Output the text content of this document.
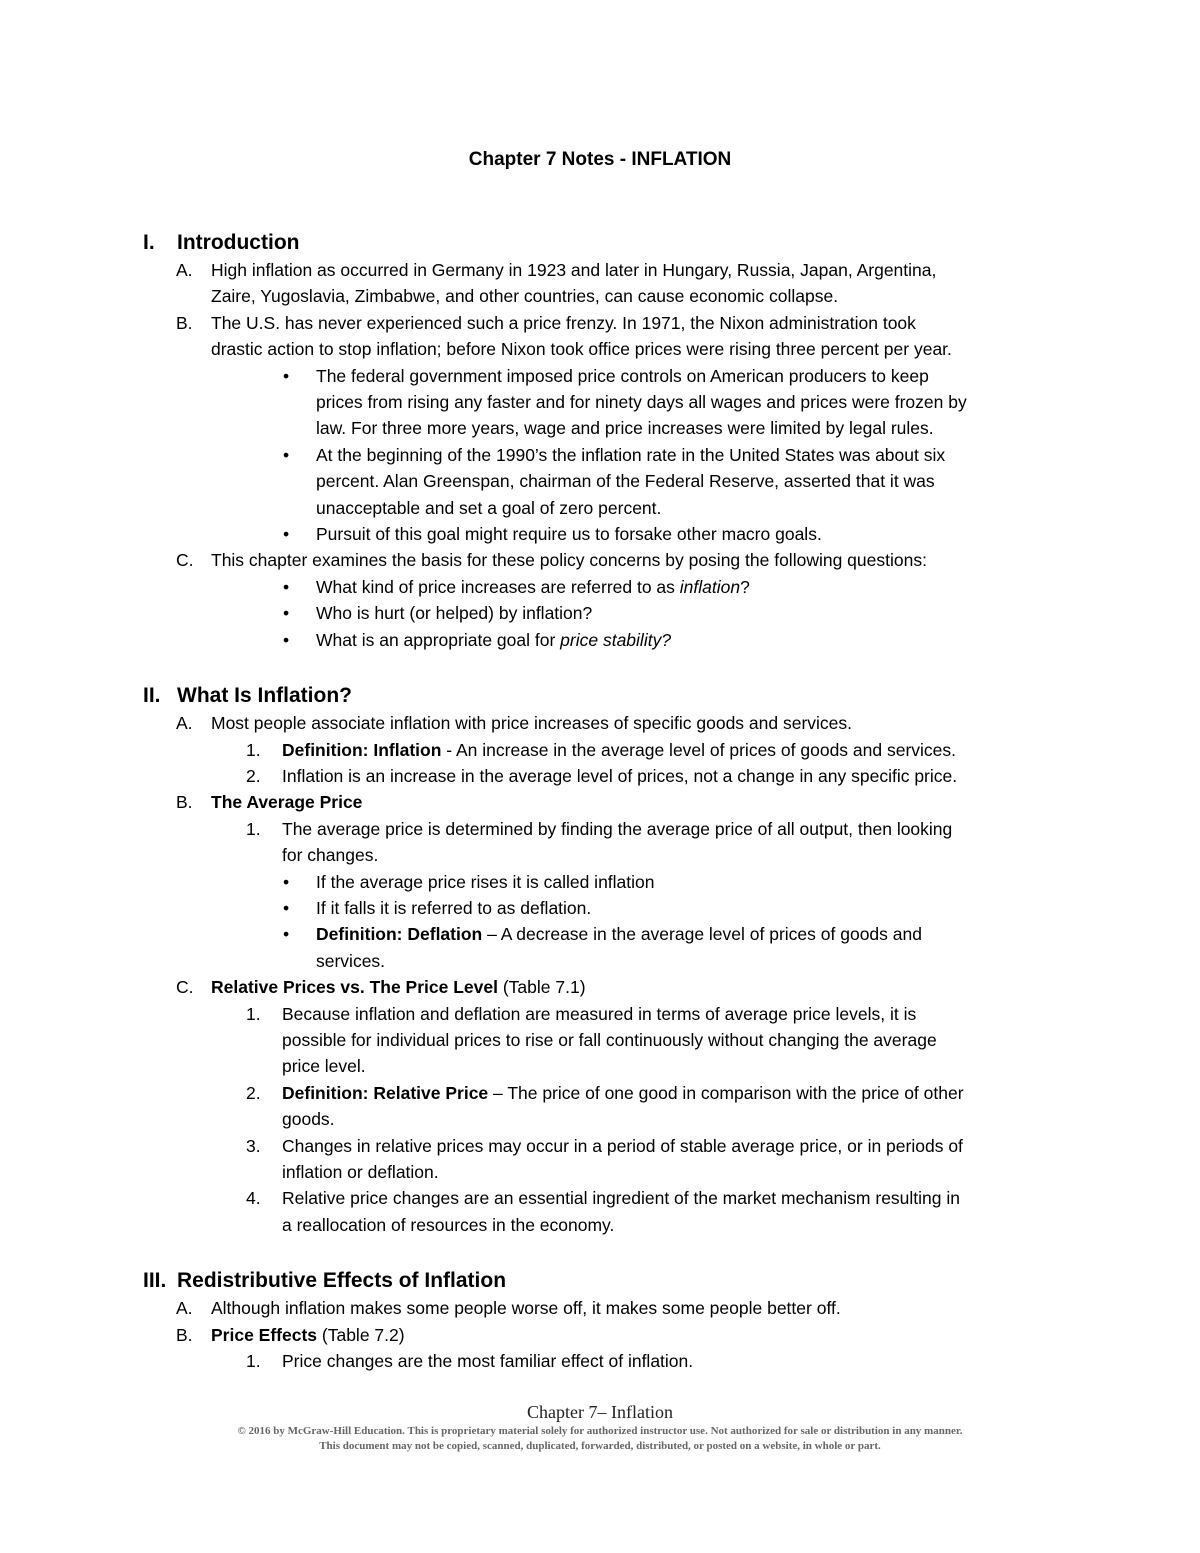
Chapter 7 Notes - INFLATION
I.	Introduction
A.	High inflation as occurred in Germany in 1923 and later in Hungary, Russia, Japan, Argentina,
Zaire, Yugoslavia, Zimbabwe, and other countries, can cause economic collapse.
B.	The U.S. has never experienced such a price frenzy. In 1971, the Nixon administration took
drastic action to stop inflation; before Nixon took office prices were rising three percent per year.
•	The federal government imposed price controls on American producers to keep
prices from rising any faster and for ninety days all wages and prices were frozen by
law. For three more years, wage and price increases were limited by legal rules.
•	At the beginning of the 1990’s the inflation rate in the United States was about six
percent. Alan Greenspan, chairman of the Federal Reserve, asserted that it was
unacceptable and set a goal of zero percent.
•	Pursuit of this goal might require us to forsake other macro goals.
C.	This chapter examines the basis for these policy concerns by posing the following questions:
•	What kind of price increases are referred to as inflation?
•	Who is hurt (or helped) by inflation?
•	What is an appropriate goal for price stability?
II. What Is Inflation?
A.	Most people associate inflation with price increases of specific goods and services.
1.	Definition: Inflation - An increase in the average level of prices of goods and services.
2.	Inflation is an increase in the average level of prices, not a change in any specific price.
B.	The Average Price
1.	The average price is determined by finding the average price of all output, then looking
for changes.
•	If the average price rises it is called inflation
•	If it falls it is referred to as deflation.
•	Definition: Deflation – A decrease in the average level of prices of goods and
services.
C.	Relative Prices vs. The Price Level (Table 7.1)
1.	Because inflation and deflation are measured in terms of average price levels, it is
possible for individual prices to rise or fall continuously without changing the average
price level.
2.	Definition: Relative Price – The price of one good in comparison with the price of other
goods.
3.	Changes in relative prices may occur in a period of stable average price, or in periods of
inflation or deflation.
4.	Relative price changes are an essential ingredient of the market mechanism resulting in
a reallocation of resources in the economy.
III. Redistributive Effects of Inflation
A.	Although inflation makes some people worse off, it makes some people better off.
B.	Price Effects (Table 7.2)
1.	Price changes are the most familiar effect of inflation.
Chapter 7– Inflation
© 2016 by McGraw-Hill Education. This is proprietary material solely for authorized instructor use. Not authorized for sale or distribution in any manner.
This document may not be copied, scanned, duplicated, forwarded, distributed, or posted on a website, in whole or part.
